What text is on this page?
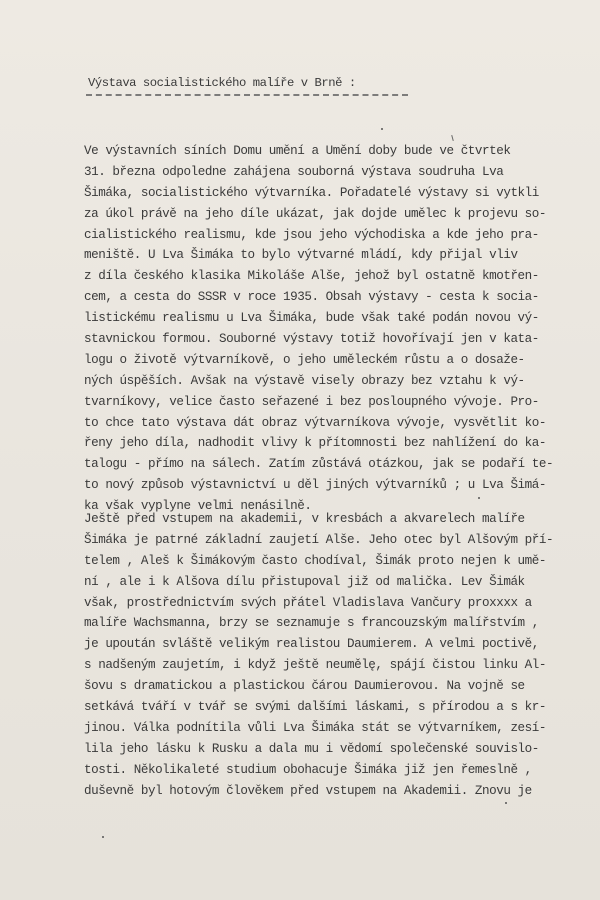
Výstava socialistického malíře v Brně :
Ve výstavních síních Domu umění a Umění doby bude ve čtvrtek
31. března odpoledne zahájena souborná výstava soudruha Lva
Šimáka, socialistického výtvarníka. Pořadatelé výstavy si vytkli
za úkol právě na jeho díle ukázat, jak dojde umělec k projevu so-
cialistického realismu, kde jsou jeho východiska a kde jeho pra-
meniště. U Lva Šimáka to bylo výtvarné mládí, kdy přijal vliv
z díla českého klasika Mikoláše Alše, jehož byl ostatně kmotřen-
cem, a cesta do SSSR v roce 1935. Obsah výstavy - cesta k socia-
listickému realismu u Lva Šimáka, bude však také podán novou vý-
stavnickou formou. Souborné výstavy totiž hovořívají jen v kata-
logu o životě výtvarníkově, o jeho uměleckém růstu a o dosaže-
ných úspěších. Avšak na výstavě visely obrazy bez vztahu k vý-
tvarníkovy, velice často seřazené i bez posloupného vývoje. Pro-
to chce tato výstava dát obraz výtvarníkova vývoje, vysvětlit ko-
řeny jeho díla, nadhodit vlivy k přítomnosti bez nahlížení do ka-
talogu - přímo na sálech. Zatím zůstává otázkou, jak se podaří te-
to nový způsob výstavnictví u děl jiných výtvarníků ; u Lva Šimá-
ka však vyplyne velmi nenásilně.
Ještě před vstupem na akademii, v kresbách a akvarelech malíře
Šimáka je patrné základní zaujetí Alše. Jeho otec byl Alšovým pří-
telem , Aleš k Šimákovým často chodíval, Šimák proto nejen k umě-
ní , ale i k Alšova dílu přistupoval již od malička. Lev Šimák
však, prostřednictvím svých přátel Vladislava Vančury proxxxx a
malíře Wachsmanna, brzy se seznamuje s francouzským malířstvím ,
je upoután svláště velikým realistou Daumierem. A velmi poctivě,
s nadšeným zaujetím, i když ještě neumělę, spájí čistou linku Al-
šovu s dramatickou a plastickou čárou Daumierovou. Na vojně se
setkává tváří v tvář se svými dalšími láskami, s přírodou a s kr-
jinou. Válka podnítila vůli Lva Šimáka stát se výtvarníkem, zesí-
lila jeho lásku k Rusku a dala mu i vědomí společenské souvislo-
tosti. Několikaleté studium obohacuje Šimáka již jen řemeslně ,
duševně byl hotovým člověkem před vstupem na Akademii. Znovu je
